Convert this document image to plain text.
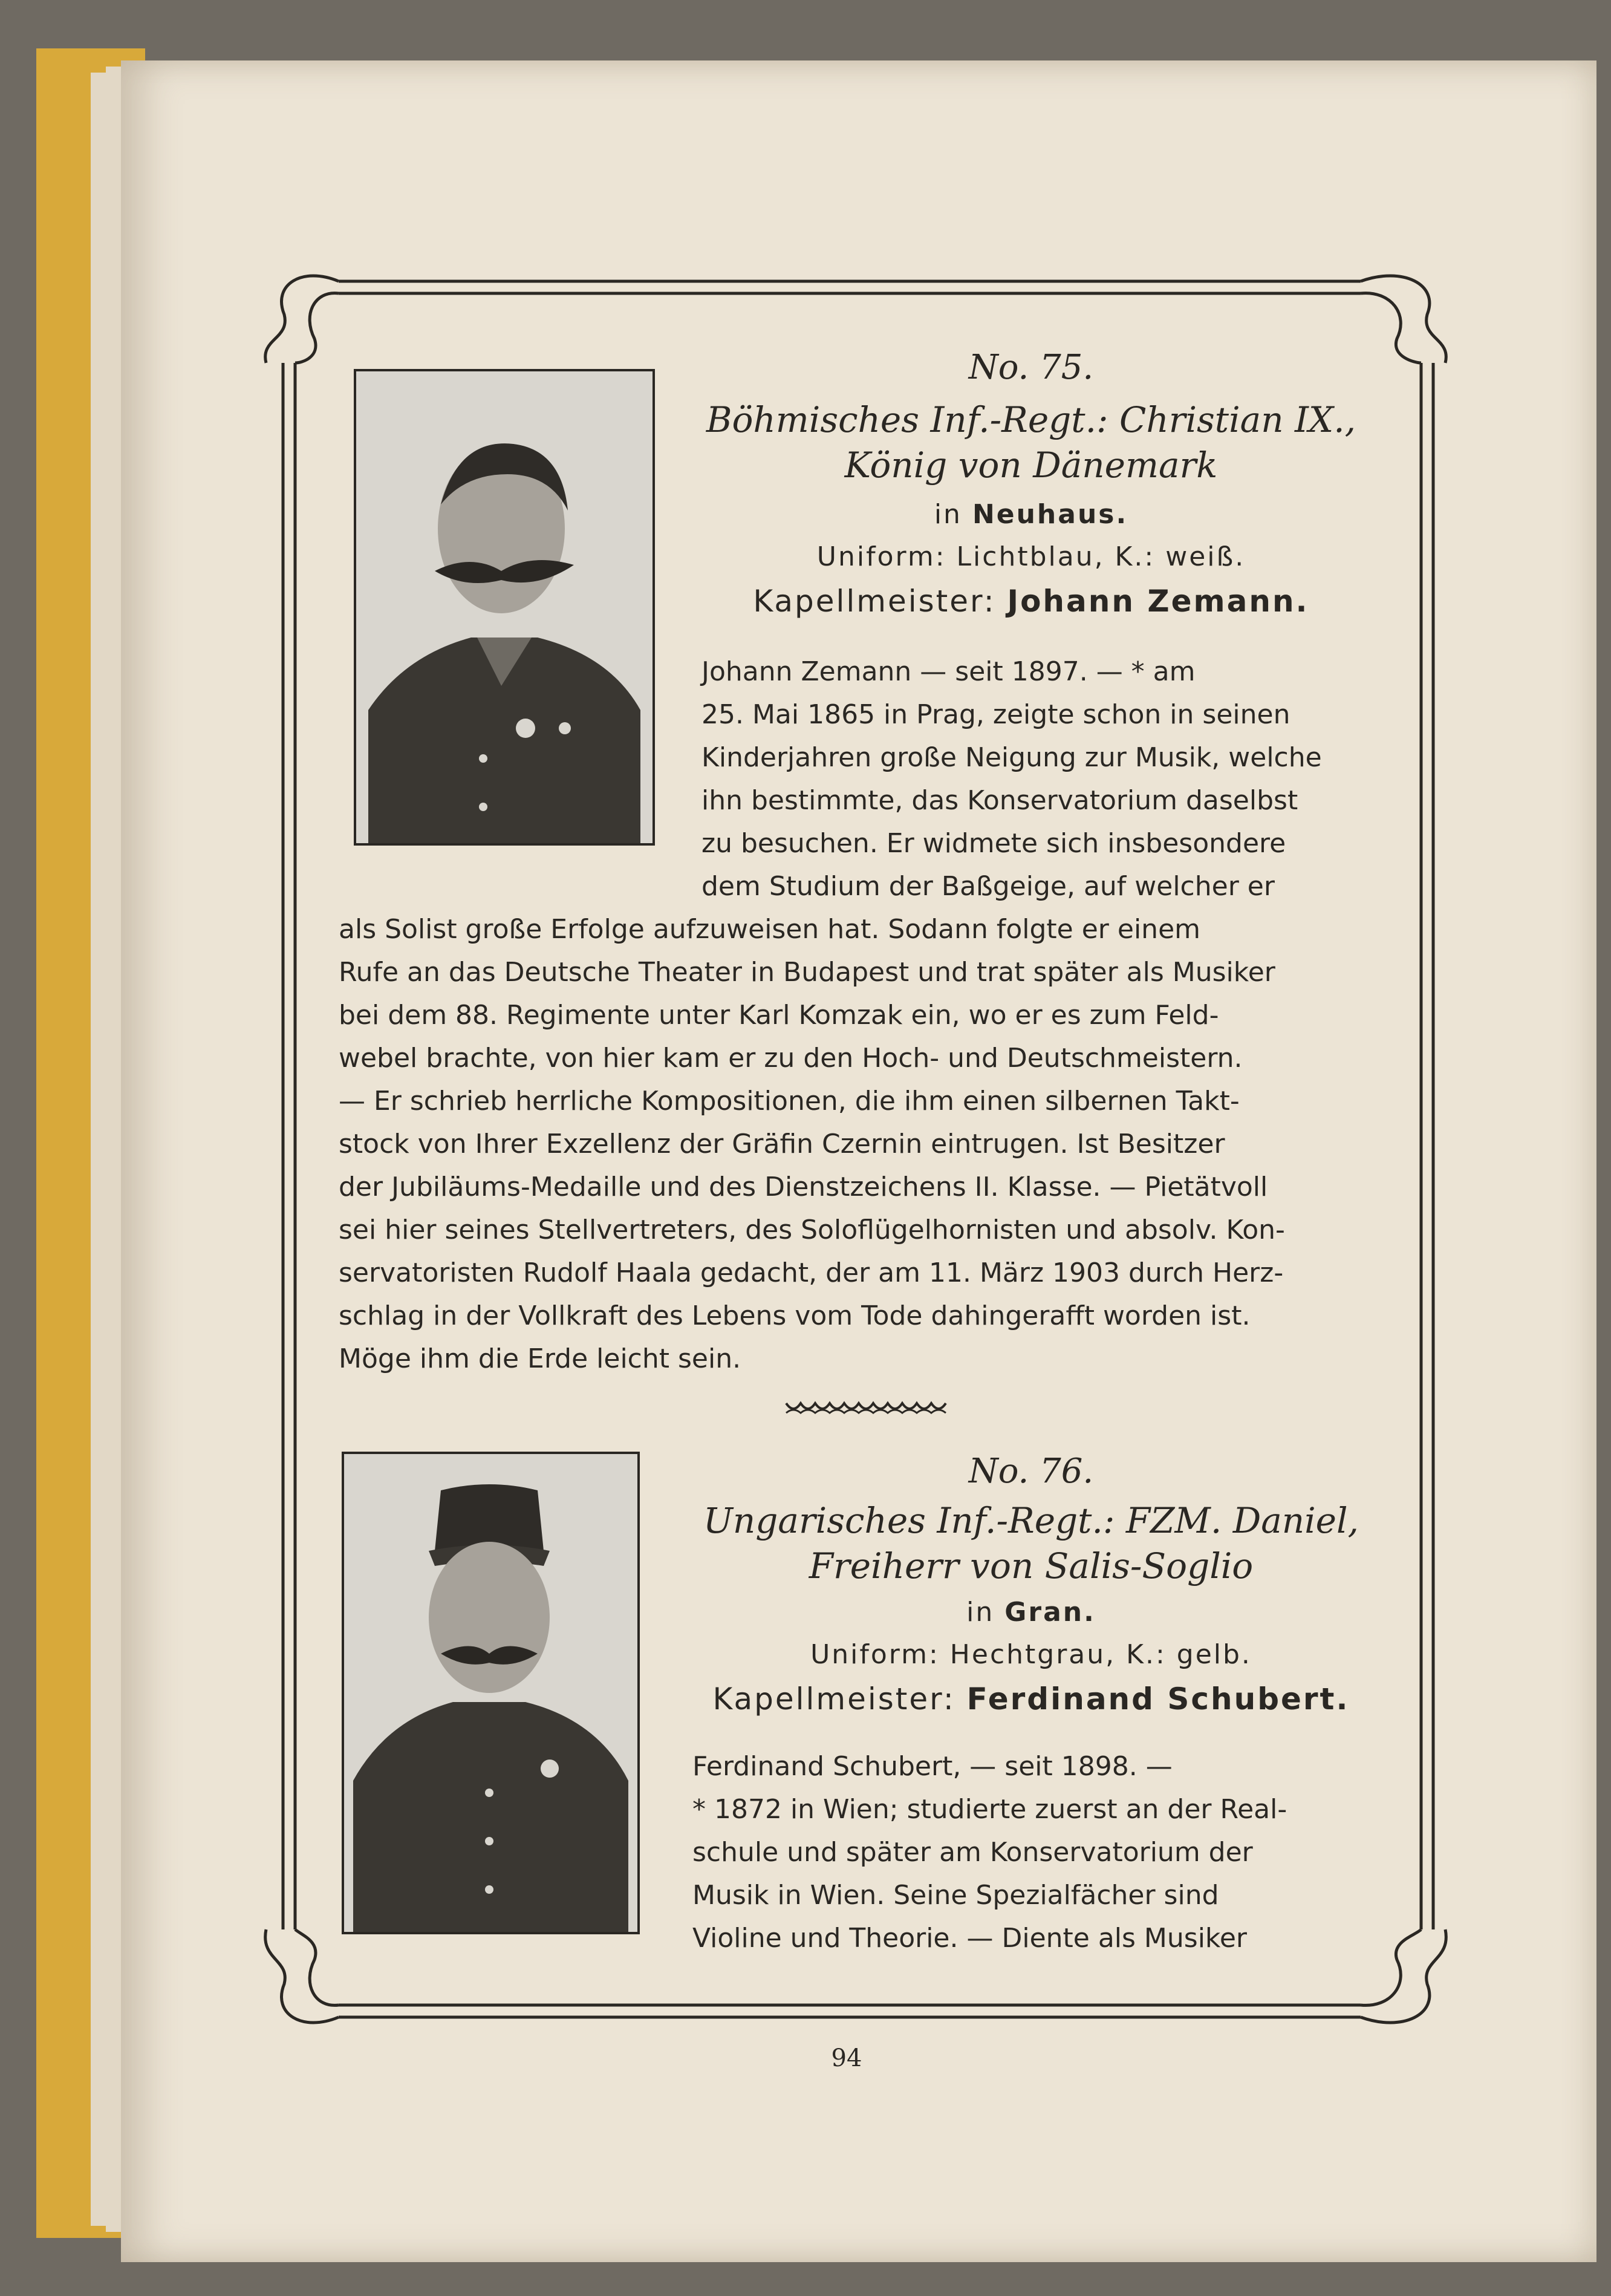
No. 75.
Böhmisches Inf.-Regt.: Christian IX.,
König von Dänemark
in Neuhaus.
Uniform: Lichtblau, K.: weiß.
Kapellmeister: Johann Zemann.
Johann Zemann — seit 1897. — * am
25. Mai 1865 in Prag, zeigte schon in seinen
Kinderjahren große Neigung zur Musik, welche
ihn bestimmte, das Konservatorium daselbst
zu besuchen. Er widmete sich insbesondere
dem Studium der Baßgeige, auf welcher er
als Solist große Erfolge aufzuweisen hat. Sodann folgte er einem
Rufe an das Deutsche Theater in Budapest und trat später als Musiker
bei dem 88. Regimente unter Karl Komzak ein, wo er es zum Feld-
webel brachte, von hier kam er zu den Hoch- und Deutschmeistern.
— Er schrieb herrliche Kompositionen, die ihm einen silbernen Takt-
stock von Ihrer Exzellenz der Gräfin Czernin eintrugen. Ist Besitzer
der Jubiläums-Medaille und des Dienstzeichens II. Klasse. — Pietätvoll
sei hier seines Stellvertreters, des Soloflügelhornisten und absolv. Kon-
servatoristen Rudolf Haala gedacht, der am 11. März 1903 durch Herz-
schlag in der Vollkraft des Lebens vom Tode dahingerafft worden ist.
Möge ihm die Erde leicht sein.
No. 76.
Ungarisches Inf.-Regt.: FZM. Daniel,
Freiherr von Salis-Soglio
in Gran.
Uniform: Hechtgrau, K.: gelb.
Kapellmeister: Ferdinand Schubert.
Ferdinand Schubert, — seit 1898. —
* 1872 in Wien; studierte zuerst an der Real-
schule und später am Konservatorium der
Musik in Wien. Seine Spezialfächer sind
Violine und Theorie. — Diente als Musiker
94
